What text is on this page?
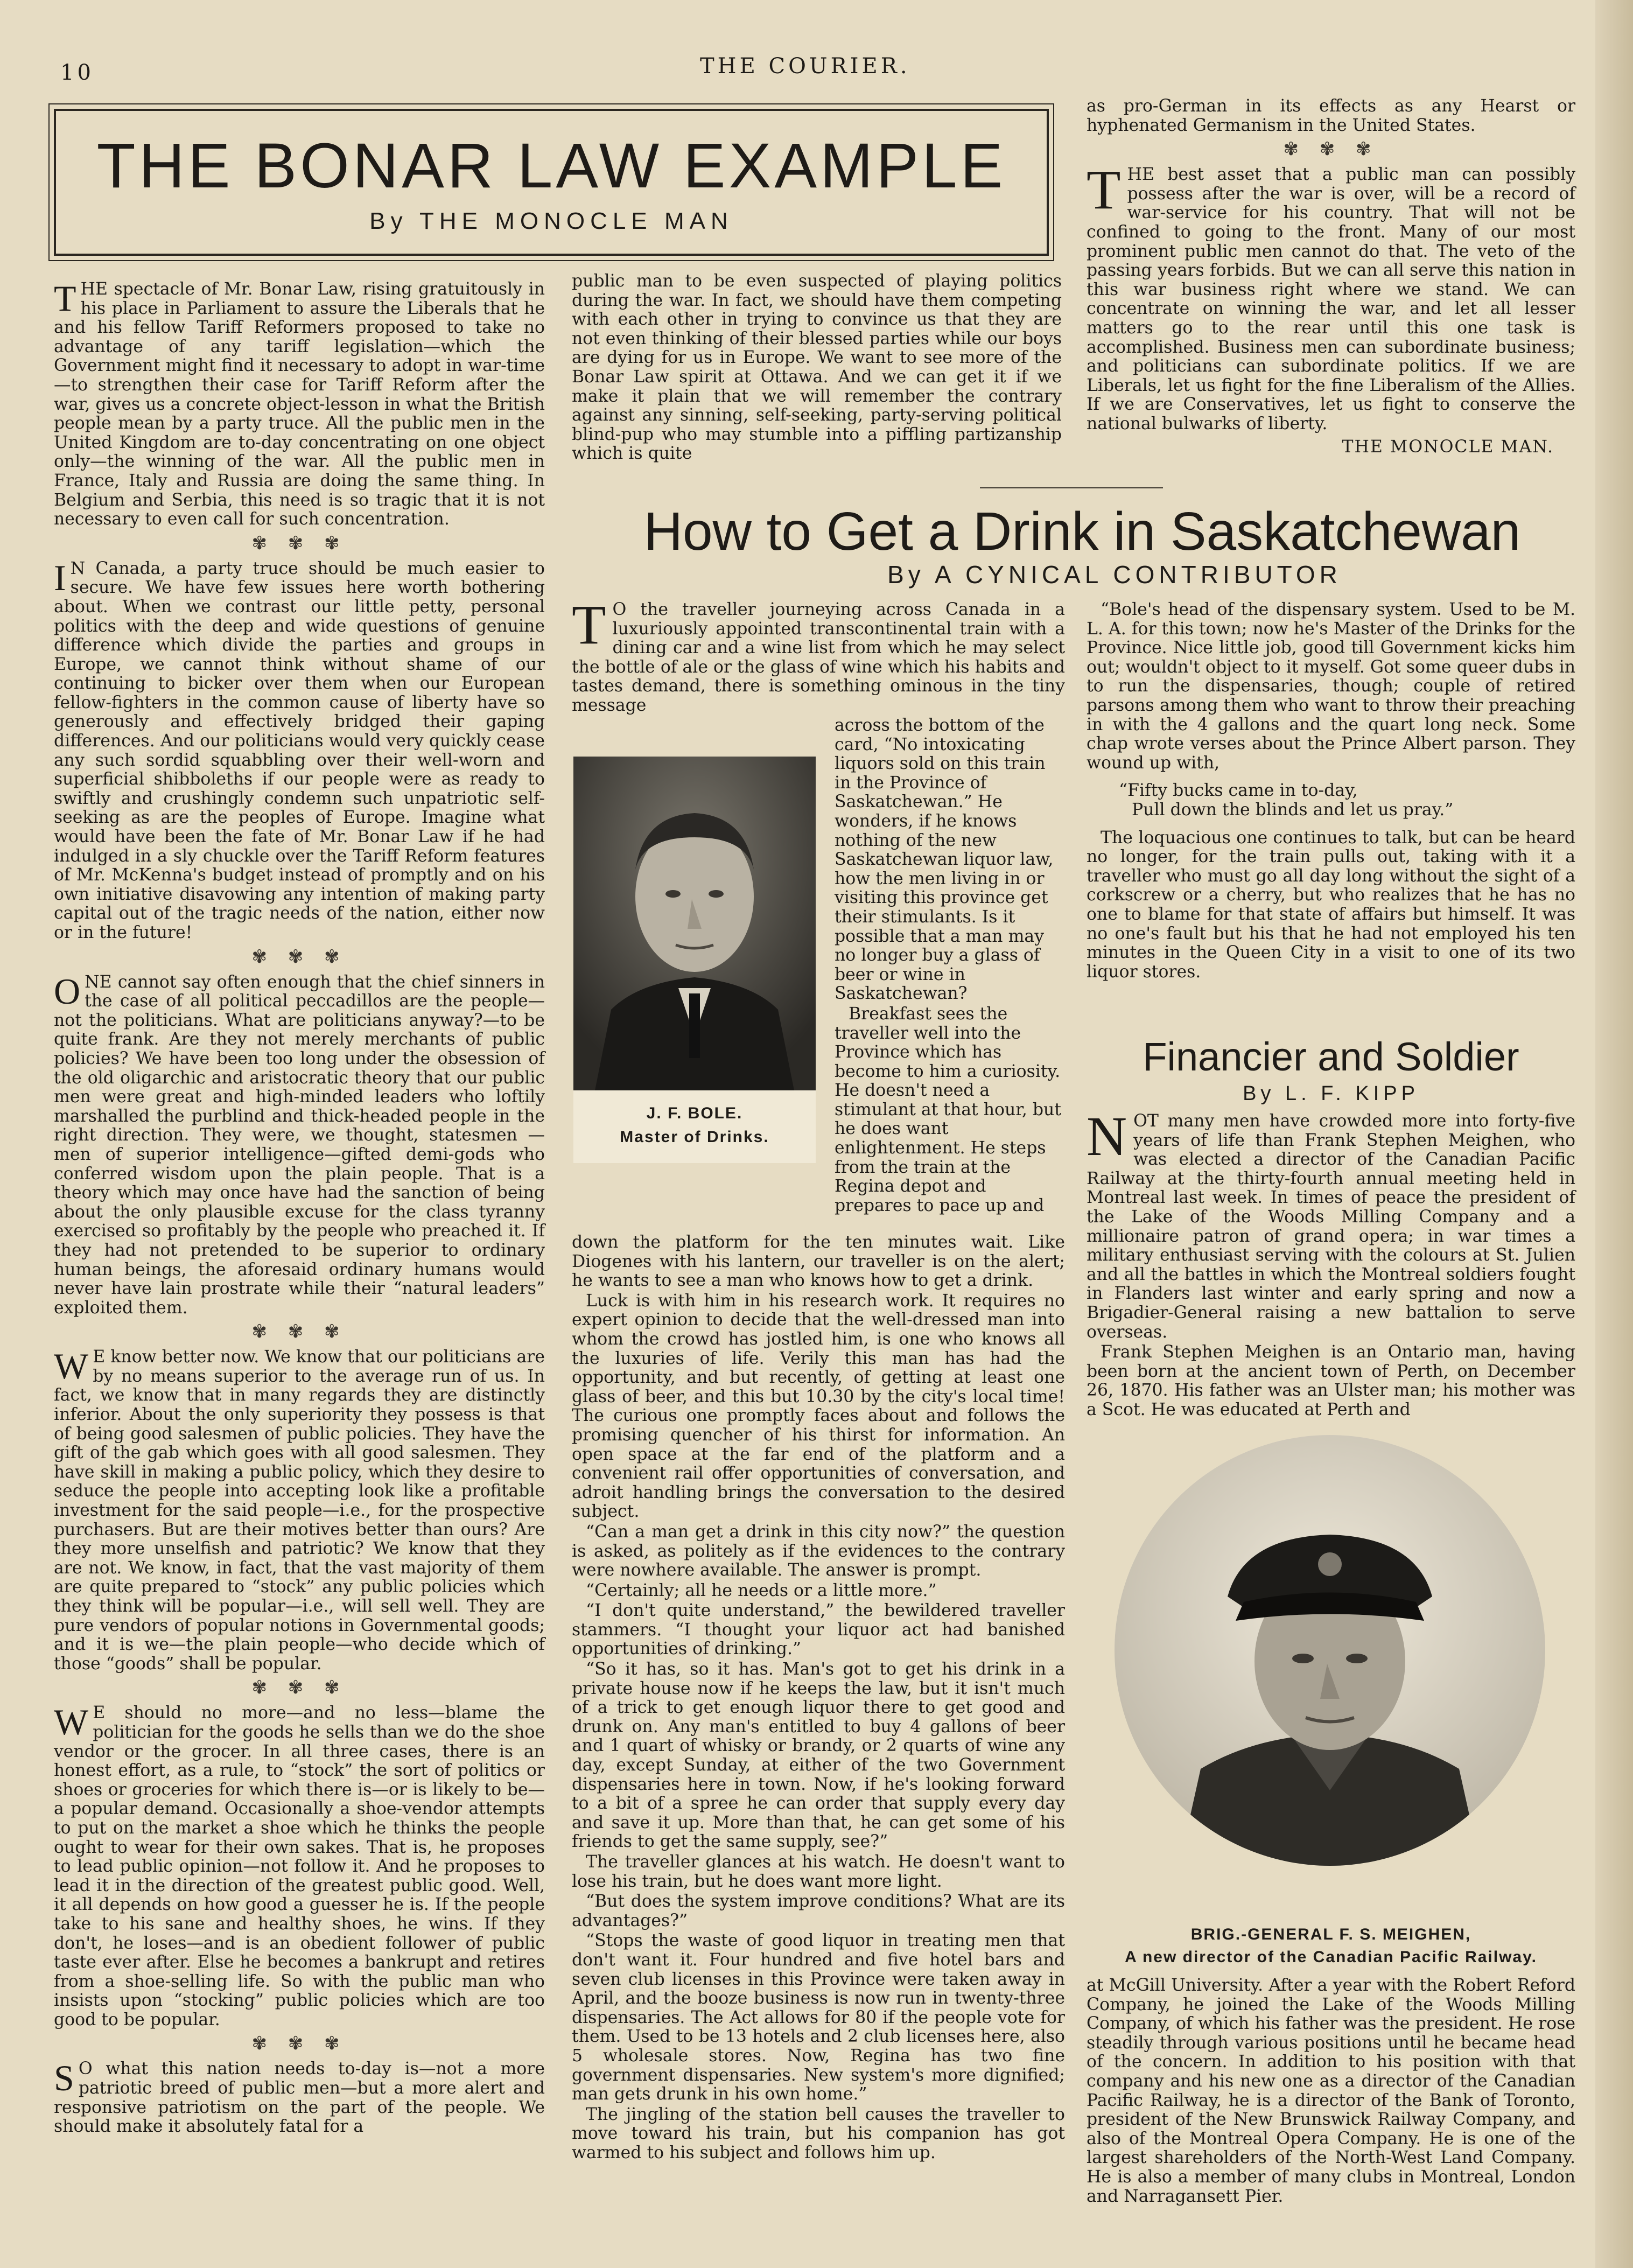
10	THE COURIER.
THE BONAR LAW EXAMPLE
By THE MONOCLE MAN

THE spectacle of Mr. Bonar Law, rising gratuitously in his place in Parliament to assure the Liberals that he and his fellow Tariff Reformers proposed to take no advantage of any tariff legislation—which the Government might find it necessary to adopt in war-time—to strengthen their case for Tariff Reform after the war, gives us a concrete object-lesson in what the British people mean by a party truce. All the public men in the United Kingdom are to-day concentrating on one object only—the winning of the war. All the public men in France, Italy and Russia are doing the same thing. In Belgium and Serbia, this need is so tragic that it is not necessary to even call for such concentration.

✾ ✾ ✾

I N Canada, a party truce should be much easier to secure. We have few issues here worth bothering about. When we contrast our little petty, personal politics with the deep and wide questions of genuine difference which divide the parties and groups in Europe, we cannot think without shame of our continuing to bicker over them when our European fellow-fighters in the common cause of liberty have so generously and effectively bridged their gaping differences. And our politicians would very quickly cease any such sordid squabbling over their well-worn and superficial shibboleths if our people were as ready to swiftly and crushingly condemn such unpatriotic self-seeking as are the peoples of Europe. Imagine what would have been the fate of Mr. Bonar Law if he had indulged in a sly chuckle over the Tariff Reform features of Mr. McKenna's budget instead of promptly and on his own initiative disavowing any intention of making party capital out of the tragic needs of the nation, either now or in the future!

✾ ✾ ✾

ONE cannot say often enough that the chief sinners in the case of all political peccadillos are the people—not the politicians. What are politicians anyway?—to be quite frank. Are they not merely merchants of public policies? We have been too long under the obsession of the old oligarchic and aristocratic theory that our public men were great and high-minded leaders who loftily marshalled the purblind and thick-headed people in the right direction. They were, we thought, statesmen —men of superior intelligence—gifted demi-gods who conferred wisdom upon the plain people. That is a theory which may once have had the sanction of being about the only plausible excuse for the class tyranny exercised so profitably by the people who preached it. If they had not pretended to be superior to ordinary human beings, the aforesaid ordinary humans would never have lain prostrate while their “natural leaders” exploited them.

✾ ✾ ✾

W E know better now. We know that our politicians are by no means superior to the average run of us. In fact, we know that in many regards they are distinctly inferior. About the only superiority they possess is that of being good salesmen of public policies. They have the gift of the gab which goes with all good salesmen. They have skill in making a public policy, which they desire to seduce the people into accepting look like a profitable investment for the said people—i.e., for the prospective purchasers. But are their motives better than ours? Are they more unselfish and patriotic? We know that they are not. We know, in fact, that the vast majority of them are quite prepared to “stock” any public policies which they think will be popular—i.e., will sell well. They are pure vendors of popular notions in Governmental goods; and it is we—the plain people—who decide which of those “goods” shall be popular.

✾ ✾ ✾

W E should no more—and no less—blame the politician for the goods he sells than we do the shoe vendor or the grocer. In all three cases, there is an honest effort, as a rule, to “stock” the sort of politics or shoes or groceries for which there is—or is likely to be—a popular demand. Occasionally a shoe-vendor attempts to put on the market a shoe which he thinks the people ought to wear for their own sakes. That is, he proposes to lead public opinion—not follow it. And he proposes to lead it in the direction of the greatest public good. Well, it all depends on how good a guesser he is. If the people take to his sane and healthy shoes, he wins. If they don't, he loses—and is an obedient follower of public taste ever after. Else he becomes a bankrupt and retires from a shoe-selling life. So with the public man who insists upon “stocking” public policies which are too good to be popular.

✾ ✾ ✾

S O what this nation needs to-day is—not a more patriotic breed of public men—but a more alert and responsive patriotism on the part of the people. We should make it absolutely fatal for a

public man to be even suspected of playing politics during the war. In fact, we should have them competing with each other in trying to convince us that they are not even thinking of their blessed parties while our boys are dying for us in Europe. We want to see more of the Bonar Law spirit at Ottawa. And we can get it if we make it plain that we will remember the contrary against any sinning, self-seeking, party-serving political blind-pup who may stumble into a piffling partizanship which is quite

as pro-German in its effects as any Hearst or hyphenated Germanism in the United States.

✾ ✾ ✾

THE best asset that a public man can possibly possess after the war is over, will be a record of war-service for his country. That will not be confined to going to the front. Many of our most prominent public men cannot do that. The veto of the passing years forbids. But we can all serve this nation in this war business right where we stand. We can concentrate on winning the war, and let all lesser matters go to the rear until this one task is accomplished. Business men can subordinate business; and politicians can subordinate politics. If we are Liberals, let us fight for the fine Liberalism of the Allies. If we are Conservatives, let us fight to conserve the national bulwarks of liberty.

THE MONOCLE MAN.
How to Get a Drink in Saskatchewan
By A CYNICAL CONTRIBUTOR

T O the traveller journeying across Canada in a luxuriously appointed transcontinental train with a dining car and a wine list from which he may select the bottle of ale or the glass of wine which his habits and tastes demand, there is something ominous in the tiny message

J. F. BOLE.
Master of Drinks.

across the bottom of the card, “No intoxicating liquors sold on this train in the Province of Saskatchewan.” He wonders, if he knows nothing of the new Saskatchewan liquor law, how the men living in or visiting this province get their stimulants. Is it possible that a man may no longer buy a glass of beer or wine in Saskatchewan?

Breakfast sees the traveller well into the Province which has become to him a curiosity. He doesn't need a stimulant at that hour, but he does want enlightenment. He steps from the train at the Regina depot and prepares to pace up and

down the platform for the ten minutes wait. Like Diogenes with his lantern, our traveller is on the alert; he wants to see a man who knows how to get a drink.

Luck is with him in his research work. It requires no expert opinion to decide that the well-dressed man into whom the crowd has jostled him, is one who knows all the luxuries of life. Verily this man has had the opportunity, and but recently, of getting at least one glass of beer, and this but 10.30 by the city's local time! The curious one promptly faces about and follows the promising quencher of his thirst for information. An open space at the far end of the platform and a convenient rail offer opportunities of conversation, and adroit handling brings the conversation to the desired subject.

“Can a man get a drink in this city now?” the question is asked, as politely as if the evidences to the contrary were nowhere available. The answer is prompt.

“Certainly; all he needs or a little more.”

“I don't quite understand,” the bewildered traveller stammers. “I thought your liquor act had banished opportunities of drinking.”

“So it has, so it has. Man's got to get his drink in a private house now if he keeps the law, but it isn't much of a trick to get enough liquor there to get good and drunk on. Any man's entitled to buy 4 gallons of beer and 1 quart of whisky or brandy, or 2 quarts of wine any day, except Sunday, at either of the two Government dispensaries here in town. Now, if he's looking forward to a bit of a spree he can order that supply every day and save it up. More than that, he can get some of his friends to get the same supply, see?”

The traveller glances at his watch. He doesn't want to lose his train, but he does want more light.

“But does the system improve conditions? What are its advantages?”

“Stops the waste of good liquor in treating men that don't want it. Four hundred and five hotel bars and seven club licenses in this Province were taken away in April, and the booze business is now run in twenty-three dispensaries. The Act allows for 80 if the people vote for them. Used to be 13 hotels and 2 club licenses here, also 5 wholesale stores. Now, Regina has two fine government dispensaries. New system's more dignified; man gets drunk in his own home.”

The jingling of the station bell causes the traveller to move toward his train, but his companion has got warmed to his subject and follows him up.

“Bole's head of the dispensary system. Used to be M. L. A. for this town; now he's Master of the Drinks for the Province. Nice little job, good till Government kicks him out; wouldn't object to it myself. Got some queer dubs in to run the dispensaries, though; couple of retired parsons among them who want to throw their preaching in with the 4 gallons and the quart long neck. Some chap wrote verses about the Prince Albert parson. They wound up with,

“Fifty bucks came in to-day,
Pull down the blinds and let us pray.”

The loquacious one continues to talk, but can be heard no longer, for the train pulls out, taking with it a traveller who must go all day long without the sight of a corkscrew or a cherry, but who realizes that he has no one to blame for that state of affairs but himself. It was no one's fault but his that he had not employed his ten minutes in the Queen City in a visit to one of its two liquor stores.

Financier and Soldier
By L. F. KIPP

NOT many men have crowded more into forty-five years of life than Frank Stephen Meighen, who was elected a director of the Canadian Pacific Railway at the thirty-fourth annual meeting held in Montreal last week. In times of peace the president of the Lake of the Woods Milling Company and a millionaire patron of grand opera; in war times a military enthusiast serving with the colours at St. Julien and all the battles in which the Montreal soldiers fought in Flanders last winter and early spring and now a Brigadier-General raising a new battalion to serve overseas.

Frank Stephen Meighen is an Ontario man, having been born at the ancient town of Perth, on December 26, 1870. His father was an Ulster man; his mother was a Scot. He was educated at Perth and

BRIG.-GENERAL F. S. MEIGHEN,
A new director of the Canadian Pacific Railway.

at McGill University. After a year with the Robert Reford Company, he joined the Lake of the Woods Milling Company, of which his father was the president. He rose steadily through various positions until he became head of the concern. In addition to his position with that company and his new one as a director of the Canadian Pacific Railway, he is a director of the Bank of Toronto, president of the New Brunswick Railway Company, and also of the Montreal Opera Company. He is one of the largest shareholders of the North-West Land Company. He is also a member of many clubs in Montreal, London and Narragansett Pier.
